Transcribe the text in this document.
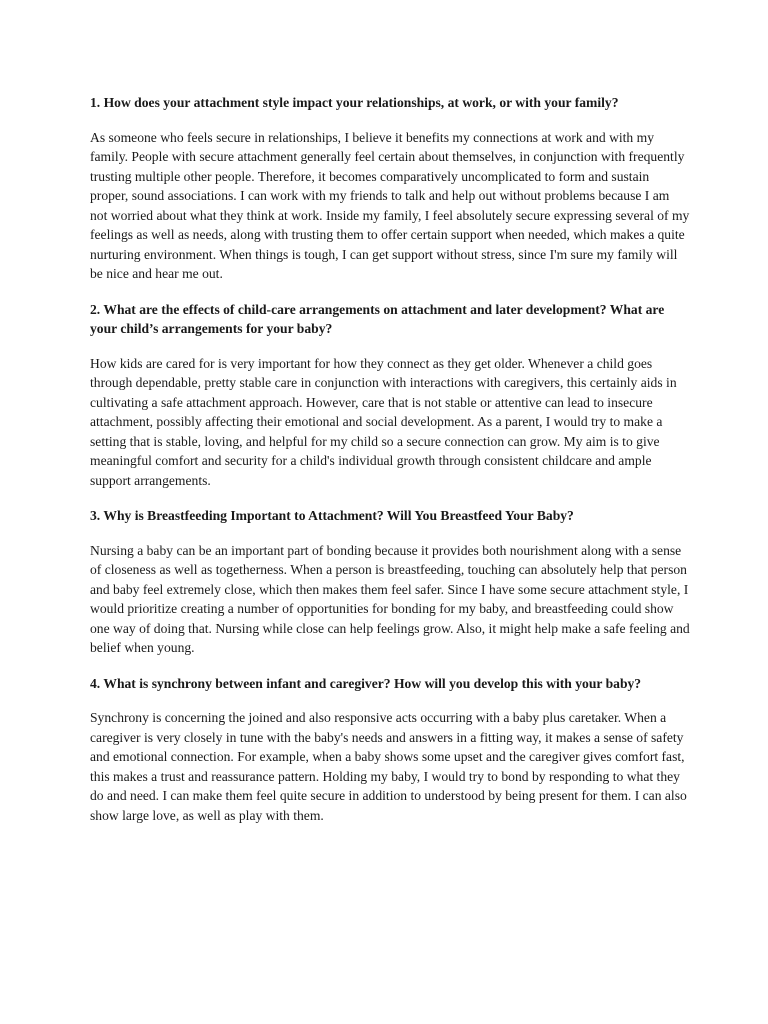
1. How does your attachment style impact your relationships, at work, or with your family?

As someone who feels secure in relationships, I believe it benefits my connections at work and with my family. People with secure attachment generally feel certain about themselves, in conjunction with frequently trusting multiple other people. Therefore, it becomes comparatively uncomplicated to form and sustain proper, sound associations. I can work with my friends to talk and help out without problems because I am not worried about what they think at work. Inside my family, I feel absolutely secure expressing several of my feelings as well as needs, along with trusting them to offer certain support when needed, which makes a quite nurturing environment. When things is tough, I can get support without stress, since I'm sure my family will be nice and hear me out.

2. What are the effects of child-care arrangements on attachment and later development? What are your child’s arrangements for your baby?

How kids are cared for is very important for how they connect as they get older. Whenever a child goes through dependable, pretty stable care in conjunction with interactions with caregivers, this certainly aids in cultivating a safe attachment approach. However, care that is not stable or attentive can lead to insecure attachment, possibly affecting their emotional and social development. As a parent, I would try to make a setting that is stable, loving, and helpful for my child so a secure connection can grow. My aim is to give meaningful comfort and security for a child's individual growth through consistent childcare and ample support arrangements.

3. Why is Breastfeeding Important to Attachment? Will You Breastfeed Your Baby?

Nursing a baby can be an important part of bonding because it provides both nourishment along with a sense of closeness as well as togetherness. When a person is breastfeeding, touching can absolutely help that person and baby feel extremely close, which then makes them feel safer. Since I have some secure attachment style, I would prioritize creating a number of opportunities for bonding for my baby, and breastfeeding could show one way of doing that. Nursing while close can help feelings grow. Also, it might help make a safe feeling and belief when young.

4. What is synchrony between infant and caregiver? How will you develop this with your baby?

Synchrony is concerning the joined and also responsive acts occurring with a baby plus caretaker. When a caregiver is very closely in tune with the baby's needs and answers in a fitting way, it makes a sense of safety and emotional connection. For example, when a baby shows some upset and the caregiver gives comfort fast, this makes a trust and reassurance pattern. Holding my baby, I would try to bond by responding to what they do and need. I can make them feel quite secure in addition to understood by being present for them. I can also show large love, as well as play with them.
